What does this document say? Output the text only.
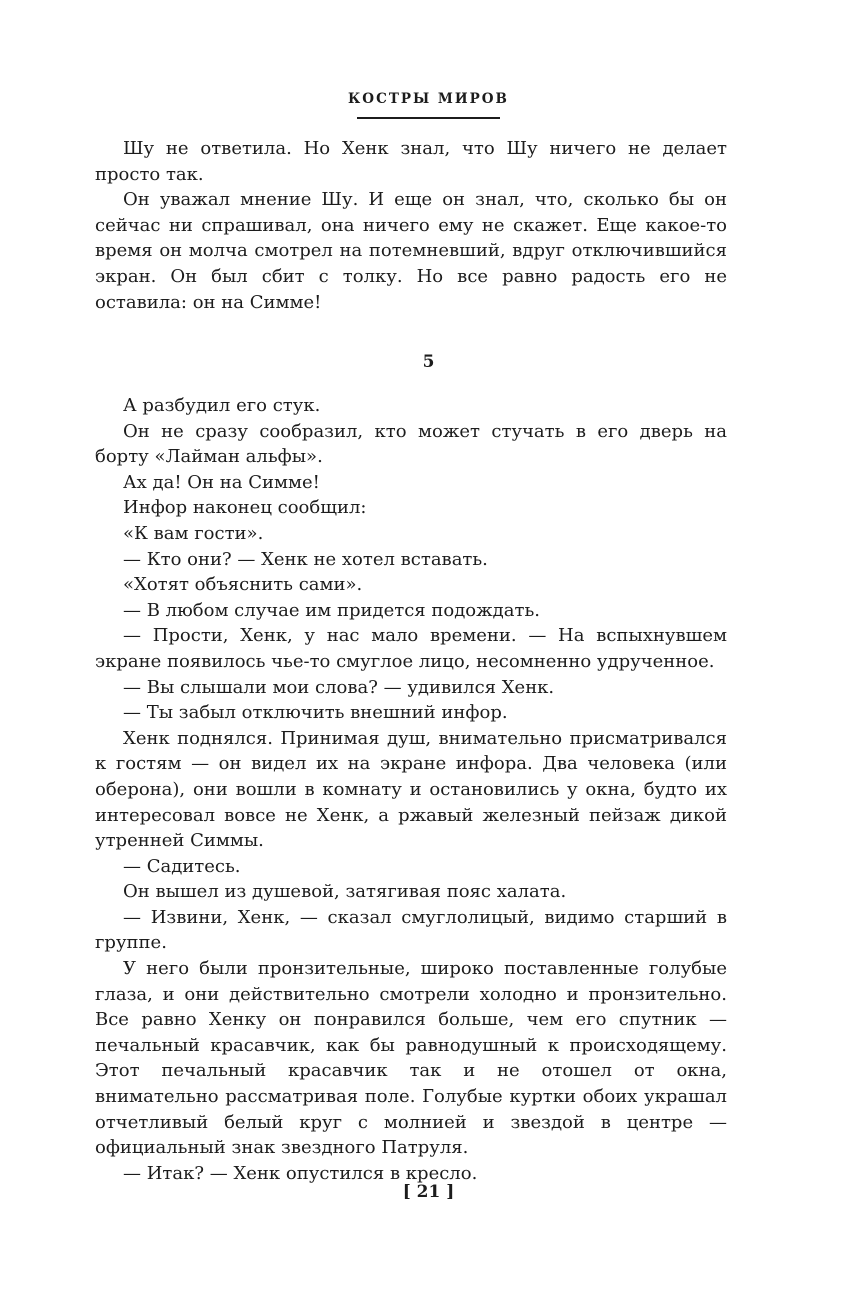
КОСТРЫ МИРОВ

Шу не ответила. Но Хенк знал, что Шу ничего не делает просто так.

Он уважал мнение Шу. И еще он знал, что, сколько бы он сейчас ни спрашивал, она ничего ему не скажет. Еще какое-то время он молча смотрел на потемневший, вдруг отключившийся экран. Он был сбит с толку. Но все равно радость его не оставила: он на Симме!

5

А разбудил его стук.

Он не сразу сообразил, кто может стучать в его дверь на борту «Лайман альфы».

Ах да! Он на Симме!

Инфор наконец сообщил:

«К вам гости».

— Кто они? — Хенк не хотел вставать.

«Хотят объяснить сами».

— В любом случае им придется подождать.

— Прости, Хенк, у нас мало времени. — На вспыхнувшем экране появилось чье-то смуглое лицо, несомненно удрученное.

— Вы слышали мои слова? — удивился Хенк.

— Ты забыл отключить внешний инфор.

Хенк поднялся. Принимая душ, внимательно присматривался к гостям — он видел их на экране инфора. Два человека (или оберона), они вошли в комнату и остановились у окна, будто их интересовал вовсе не Хенк, а ржавый железный пейзаж дикой утренней Симмы.

— Садитесь.

Он вышел из душевой, затягивая пояс халата.

— Извини, Хенк, — сказал смуглолицый, видимо старший в группе.

У него были пронзительные, широко поставленные голубые глаза, и они действительно смотрели холодно и пронзительно. Все равно Хенку он понравился больше, чем его спутник — печальный красавчик, как бы равнодушный к происходящему. Этот печальный красавчик так и не отошел от окна, внимательно рассматривая поле. Голубые куртки обоих украшал отчетливый белый круг с молнией и звездой в центре — официальный знак звездного Патруля.

— Итак? — Хенк опустился в кресло.

[ 21 ]
